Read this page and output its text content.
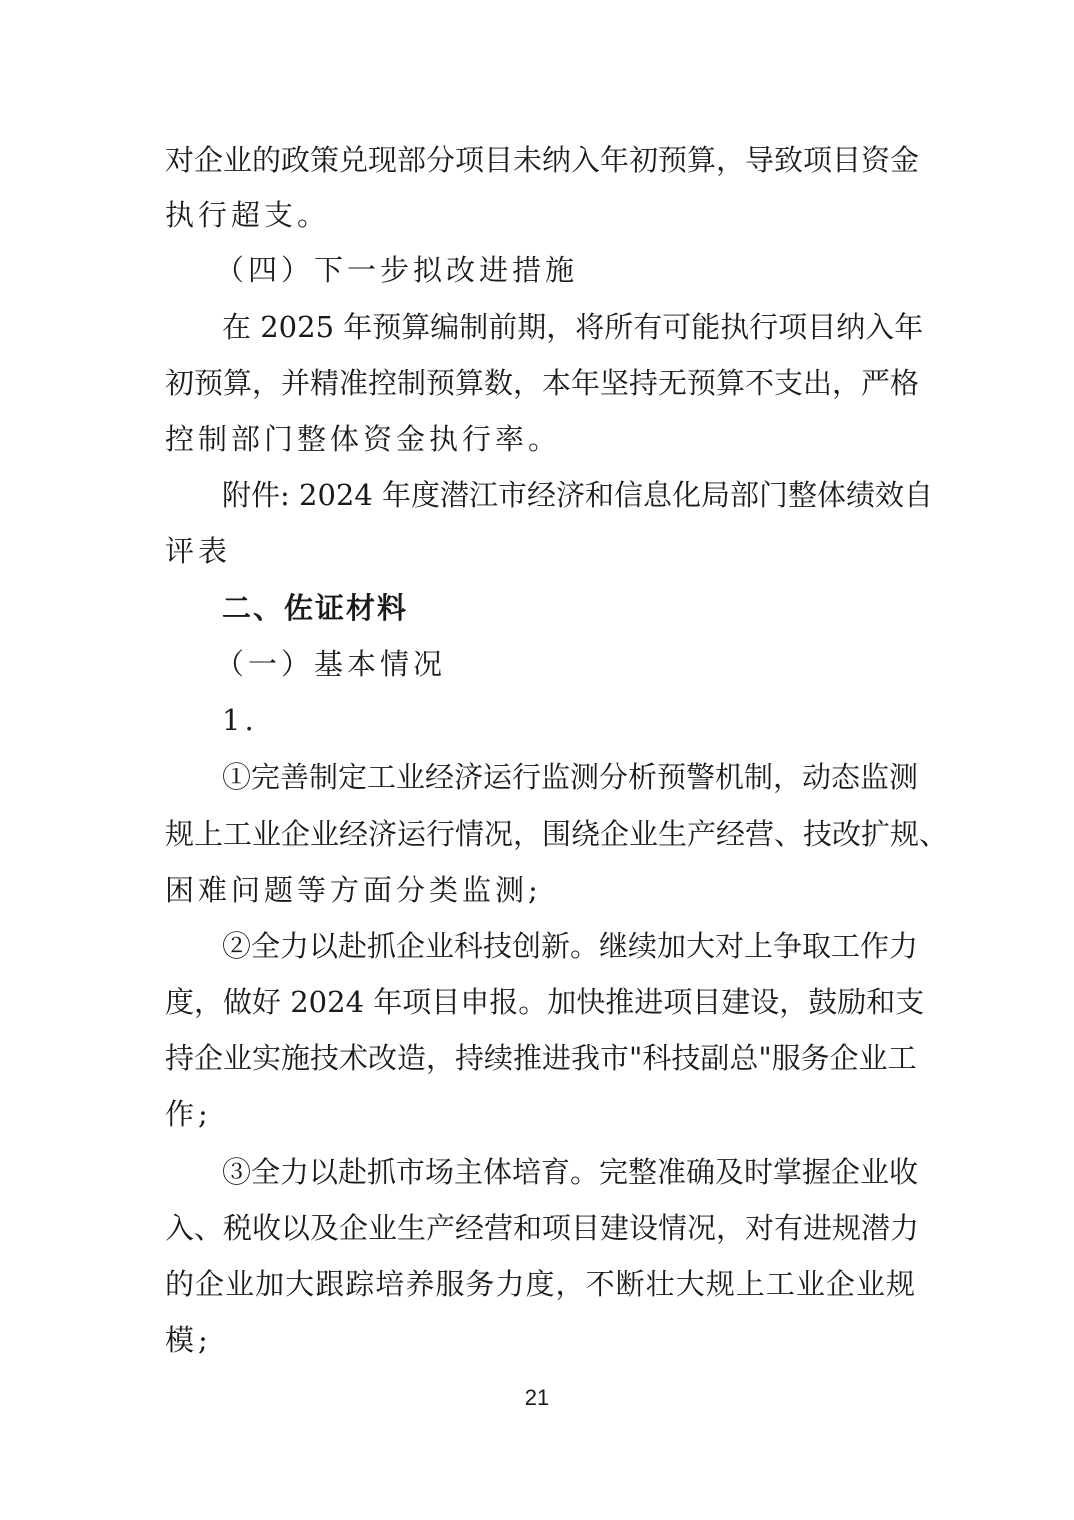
对企业的政策兑现部分项目未纳入年初预算，导致项目资金
执行超支。
（四）下一步拟改进措施
在 2025 年预算编制前期，将所有可能执行项目纳入年
初预算，并精准控制预算数，本年坚持无预算不支出，严格
控制部门整体资金执行率。
附件: 2024 年度潜江市经济和信息化局部门整体绩效自
评表
二、佐证材料
（一）基本情况
1.
①完善制定工业经济运行监测分析预警机制，动态监测
规上工业企业经济运行情况，围绕企业生产经营、技改扩规、
困难问题等方面分类监测;
②全力以赴抓企业科技创新。继续加大对上争取工作力
度，做好 2024 年项目申报。加快推进项目建设，鼓励和支
持企业实施技术改造，持续推进我市"科技副总"服务企业工
作;
③全力以赴抓市场主体培育。完整准确及时掌握企业收
入、税收以及企业生产经营和项目建设情况，对有进规潜力
的企业加大跟踪培养服务力度，不断壮大规上工业企业规
模;
21
